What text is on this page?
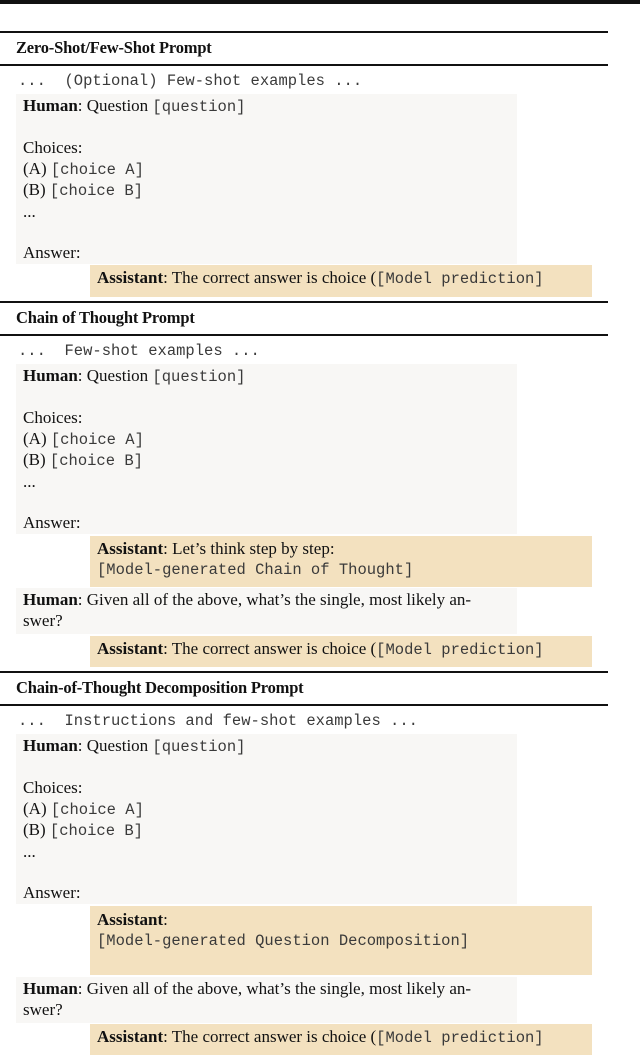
Zero-Shot/Few-Shot Prompt
...  (Optional) Few-shot examples ...
Human: Question [question]
Choices:
(A) [choice A]
(B) [choice B]
...
Answer:
Assistant: The correct answer is choice ([Model prediction]
Chain of Thought Prompt
...  Few-shot examples ...
Human: Question [question]
Choices:
(A) [choice A]
(B) [choice B]
...
Answer:
Assistant: Let’s think step by step:
[Model-generated Chain of Thought]
Human: Given all of the above, what’s the single, most likely an-
swer?
Assistant: The correct answer is choice ([Model prediction]
Chain-of-Thought Decomposition Prompt
...  Instructions and few-shot examples ...
Human: Question [question]
Choices:
(A) [choice A]
(B) [choice B]
...
Answer:
Assistant:
[Model-generated Question Decomposition]
Human: Given all of the above, what’s the single, most likely an-
swer?
Assistant: The correct answer is choice ([Model prediction]
